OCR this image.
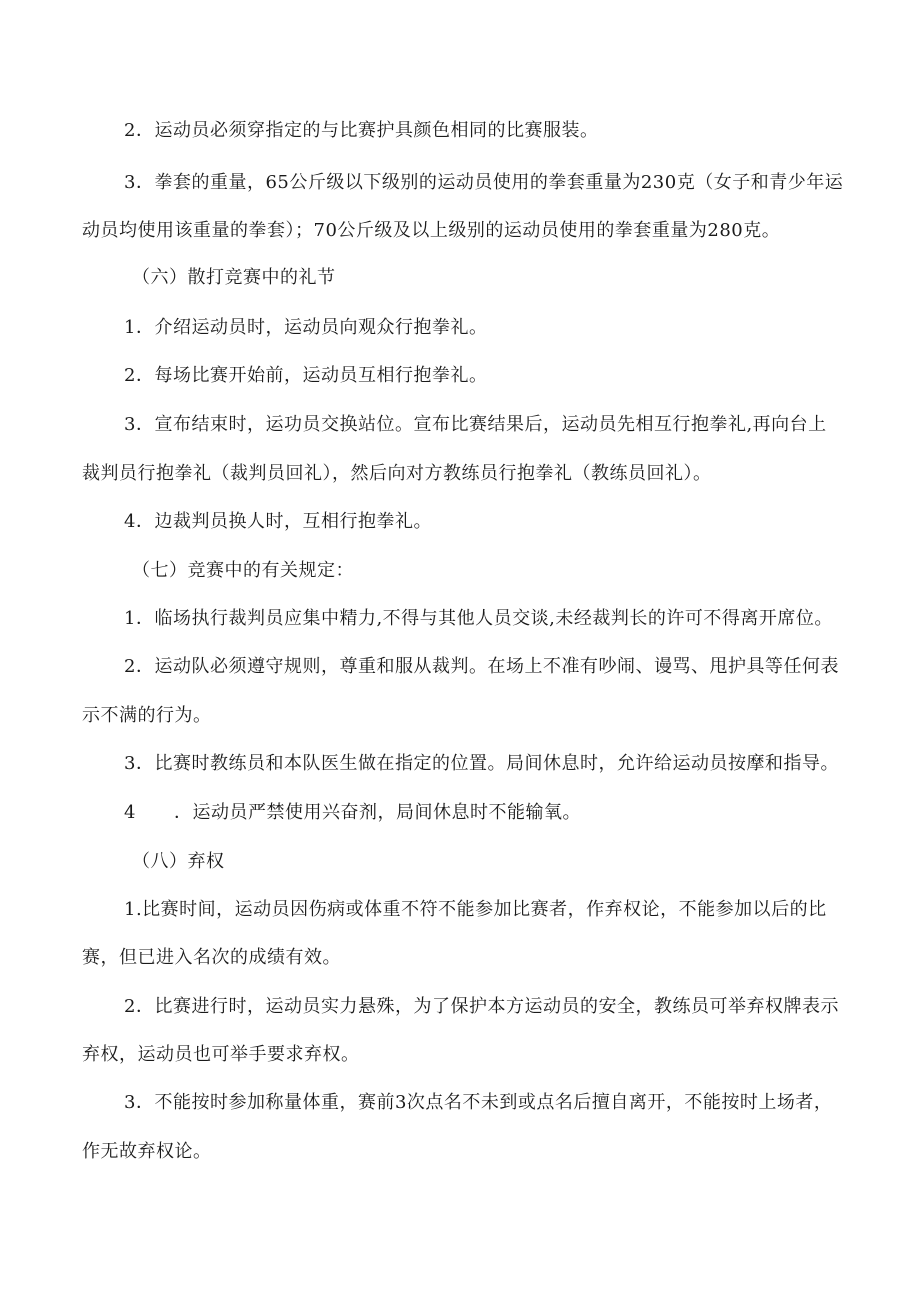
2．运动员必须穿指定的与比赛护具颜色相同的比赛服装。
3．拳套的重量，65公斤级以下级别的运动员使用的拳套重量为230克（女子和青少年运
动员均使用该重量的拳套）；70公斤级及以上级别的运动员使用的拳套重量为280克。
（六）散打竞赛中的礼节
1．介绍运动员时，运动员向观众行抱拳礼。
2．每场比赛开始前，运动员互相行抱拳礼。
3．宣布结束时，运功员交换站位。宣布比赛结果后，运动员先相互行抱拳礼,再向台上
裁判员行抱拳礼（裁判员回礼），然后向对方教练员行抱拳礼（教练员回礼）。
4．边裁判员换人时，互相行抱拳礼。
（七）竞赛中的有关规定：
1．临场执行裁判员应集中精力,不得与其他人员交谈,未经裁判长的许可不得离开席位。
2．运动队必须遵守规则，尊重和服从裁判。在场上不准有吵闹、谩骂、甩护具等任何表
示不满的行为。
3．比赛时教练员和本队医生做在指定的位置。局间休息时，允许给运动员按摩和指导。
4 ．运动员严禁使用兴奋剂，局间休息时不能输氧。
（八）弃权
1.比赛时间，运动员因伤病或体重不符不能参加比赛者，作弃权论，不能参加以后的比
赛，但已进入名次的成绩有效。
2．比赛进行时，运动员实力悬殊，为了保护本方运动员的安全，教练员可举弃权牌表示
弃权，运动员也可举手要求弃权。
3．不能按时参加称量体重，赛前3次点名不未到或点名后擅自离开，不能按时上场者，
作无故弃权论。
